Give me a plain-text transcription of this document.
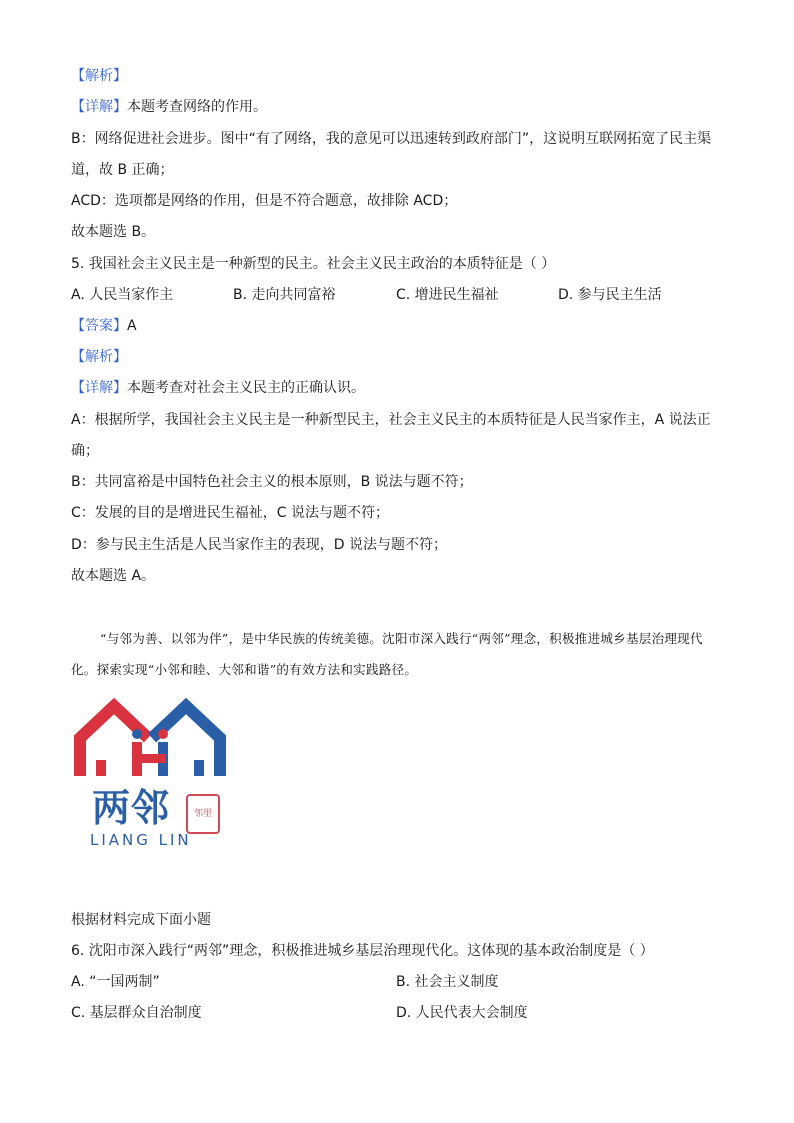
【解析】
【详解】本题考查网络的作用。
B：网络促进社会进步。图中“有了网络，我的意见可以迅速转到政府部门”，这说明互联网拓宽了民主渠
道，故 B 正确；
ACD：选项都是网络的作用，但是不符合题意，故排除 ACD；
故本题选 B。
5. 我国社会主义民主是一种新型的民主。社会主义民主政治的本质特征是（ ）
A. 人民当家作主	B. 走向共同富裕	C. 增进民生福祉	D. 参与民主生活
【答案】A
【解析】
【详解】本题考查对社会主义民主的正确认识。
A：根据所学，我国社会主义民主是一种新型民主，社会主义民主的本质特征是人民当家作主，A 说法正
确；
B：共同富裕是中国特色社会主义的根本原则，B 说法与题不符；
C：发展的目的是增进民生福祉，C 说法与题不符；
D：参与民主生活是人民当家作主的表现，D 说法与题不符；
故本题选 A。
“与邻为善、以邻为伴”，是中华民族的传统美德。沈阳市深入践行“两邻”理念，积极推进城乡基层治理现代化。探索实现“小邻和睦、大邻和谐”的有效方法和实践路径。
两邻	邻里
LIANG LIN
根据材料完成下面小题
6. 沈阳市深入践行“两邻”理念，积极推进城乡基层治理现代化。这体现的基本政治制度是（ ）
A. “一国两制”	B. 社会主义制度
C. 基层群众自治制度	D. 人民代表大会制度
